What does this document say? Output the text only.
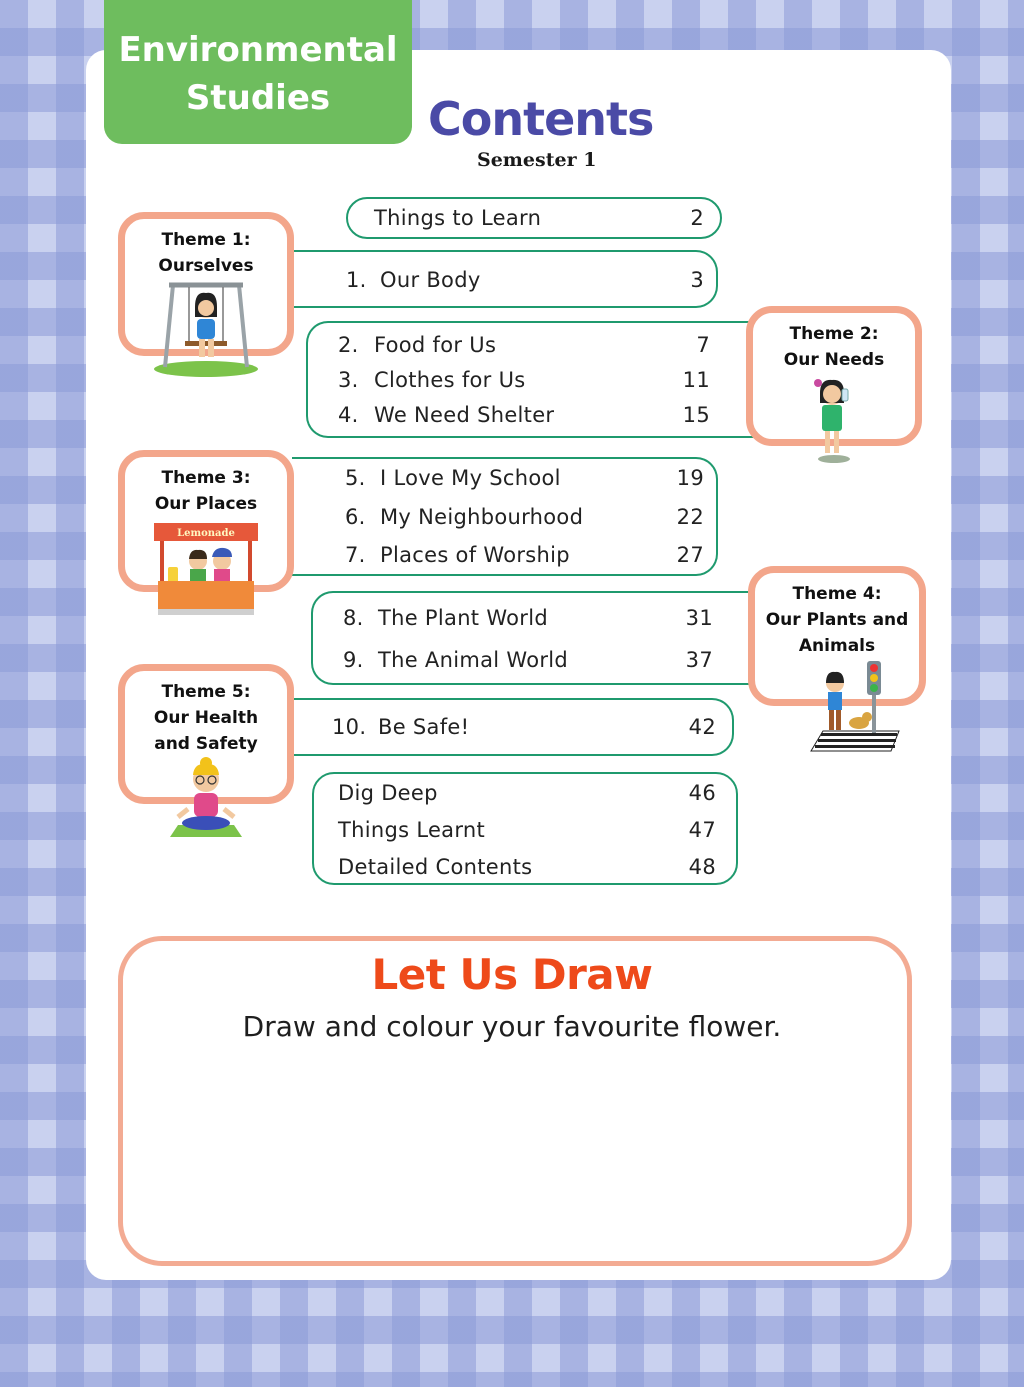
Environmental
Studies	Contents
Semester 1
Things to Learn	2
1. Our Body	3
2. Food for Us	7
3. Clothes for Us	11
4. We Need Shelter	15
5. I Love My School	19
6. My Neighbourhood	22
7. Places of Worship	27
8. The Plant World	31
9. The Animal World	37
10. Be Safe!	42
Dig Deep	46
Things Learnt	47
Detailed Contents	48
Theme 1:
Ourselves
Theme 2:
Our Needs
Theme 3:
Our Places
Lemonade
Theme 4:
Our Plants and
Animals
Theme 5:
Our Health
and Safety
Let Us Draw
Draw and colour your favourite flower.
